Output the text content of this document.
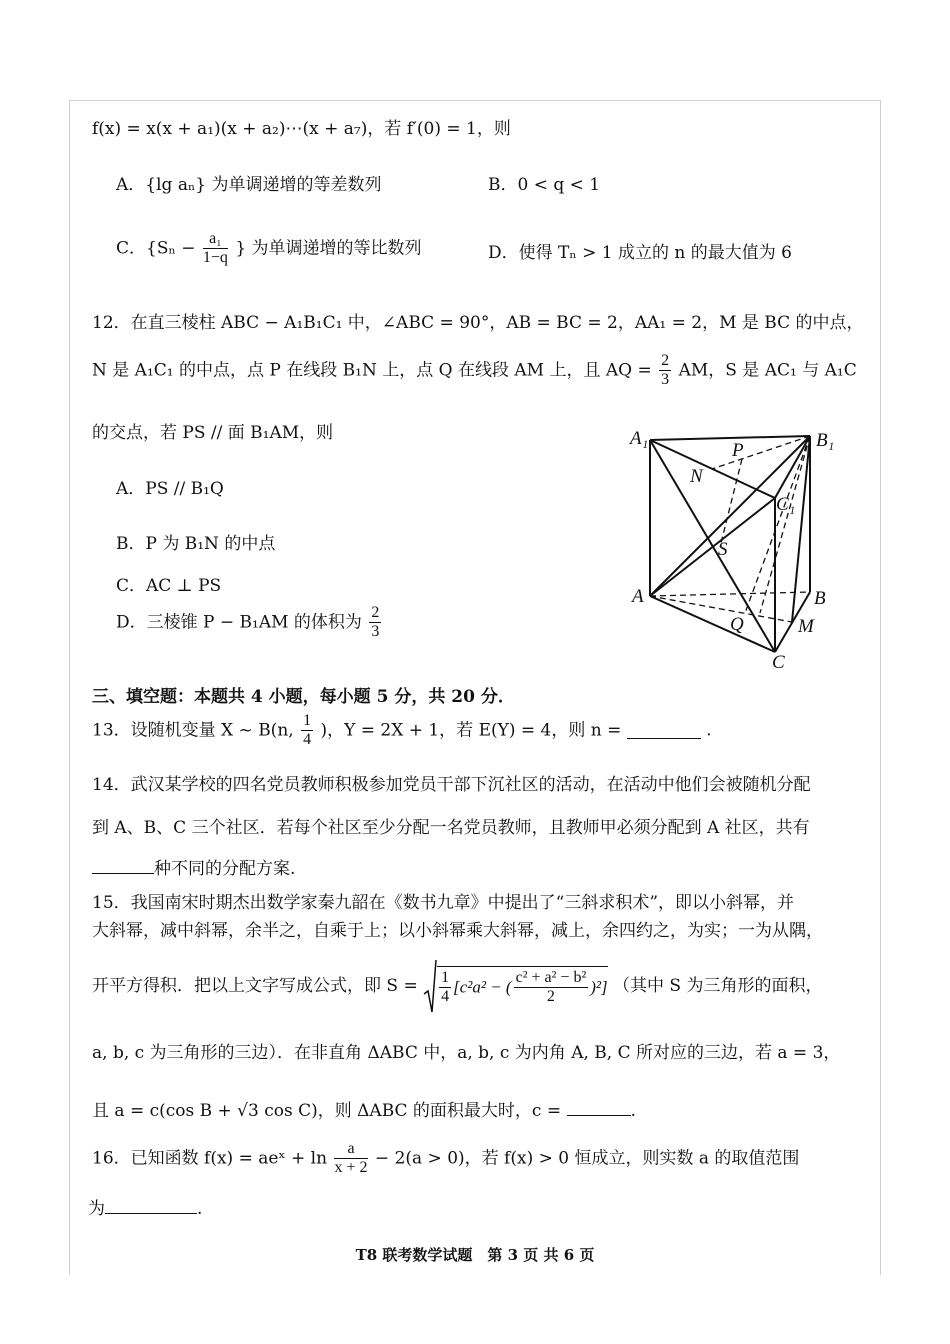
f(x) = x(x + a₁)(x + a₂)⋯(x + a₇)，若 f′(0) = 1，则
A．{lg aₙ} 为单调递增的等差数列	B．0 < q < 1
C．{$S_n - \frac{\text{a₁}}{1-q}$ } 为单调递增的等比数列	D．使得 Tₙ > 1 成立的 n 的最大值为 6
12．在直三棱柱 ABC − A₁B₁C₁ 中，∠ABC = 90°，AB = BC = 2，AA₁ = 2，M 是 BC 的中点，
N 是 A₁C₁ 的中点，点 P 在线段 B₁N 上，点 Q 在线段 AM 上，且 AQ = $\frac{2}{3}$ AM，S 是 AC₁ 与 A₁C
的交点，若 PS // 面 B₁AM，则
A．PS // B₁Q
B．P 为 B₁N 的中点
C．AC ⊥ PS
D．三棱锥 P − B₁AM 的体积为 $\frac{2}{3}$
A₁	B₁
P
N
C₁
S
A	B
Q	M
C
三、填空题：本题共 4 小题，每小题 5 分，共 20 分．
13．设随机变量 X ~ B(n, $\frac{1}{4}$ )，Y = 2X + 1，若 E(Y) = 4，则 n =	.
14．武汉某学校的四名党员教师积极参加党员干部下沉社区的活动，在活动中他们会被随机分配
到 A、B、C 三个社区．若每个社区至少分配一名党员教师，且教师甲必须分配到 A 社区，共有
种不同的分配方案.
15．我国南宋时期杰出数学家秦九韶在《数书九章》中提出了“三斜求积术”，即以小斜幂，并
大斜幂，减中斜幂，余半之，自乘于上；以小斜幂乘大斜幂，减上，余四约之，为实；一为从隅，
开平方得积．把以上文字写成公式，即 $S = \frac{1}{4} [c^2a^2$ − ( $\frac{\text{c² + a² − b²}}{2} )^2$] （其中 S 为三角形的面积，
a, b, c 为三角形的三边）．在非直角 ΔABC 中，a, b, c 为内角 A, B, C 所对应的三边，若 a = 3，
且 a = c(cos B + √3 cos C)，则 ΔABC 的面积最大时，c =	.
16．已知函数 f(x) = aeˣ + $\ln \frac{a}{x + 2} - 2(a > 0)$，若 f(x) > 0 恒成立，则实数 a 的取值范围
为	.
T8 联考数学试题　第 3 页 共 6 页
